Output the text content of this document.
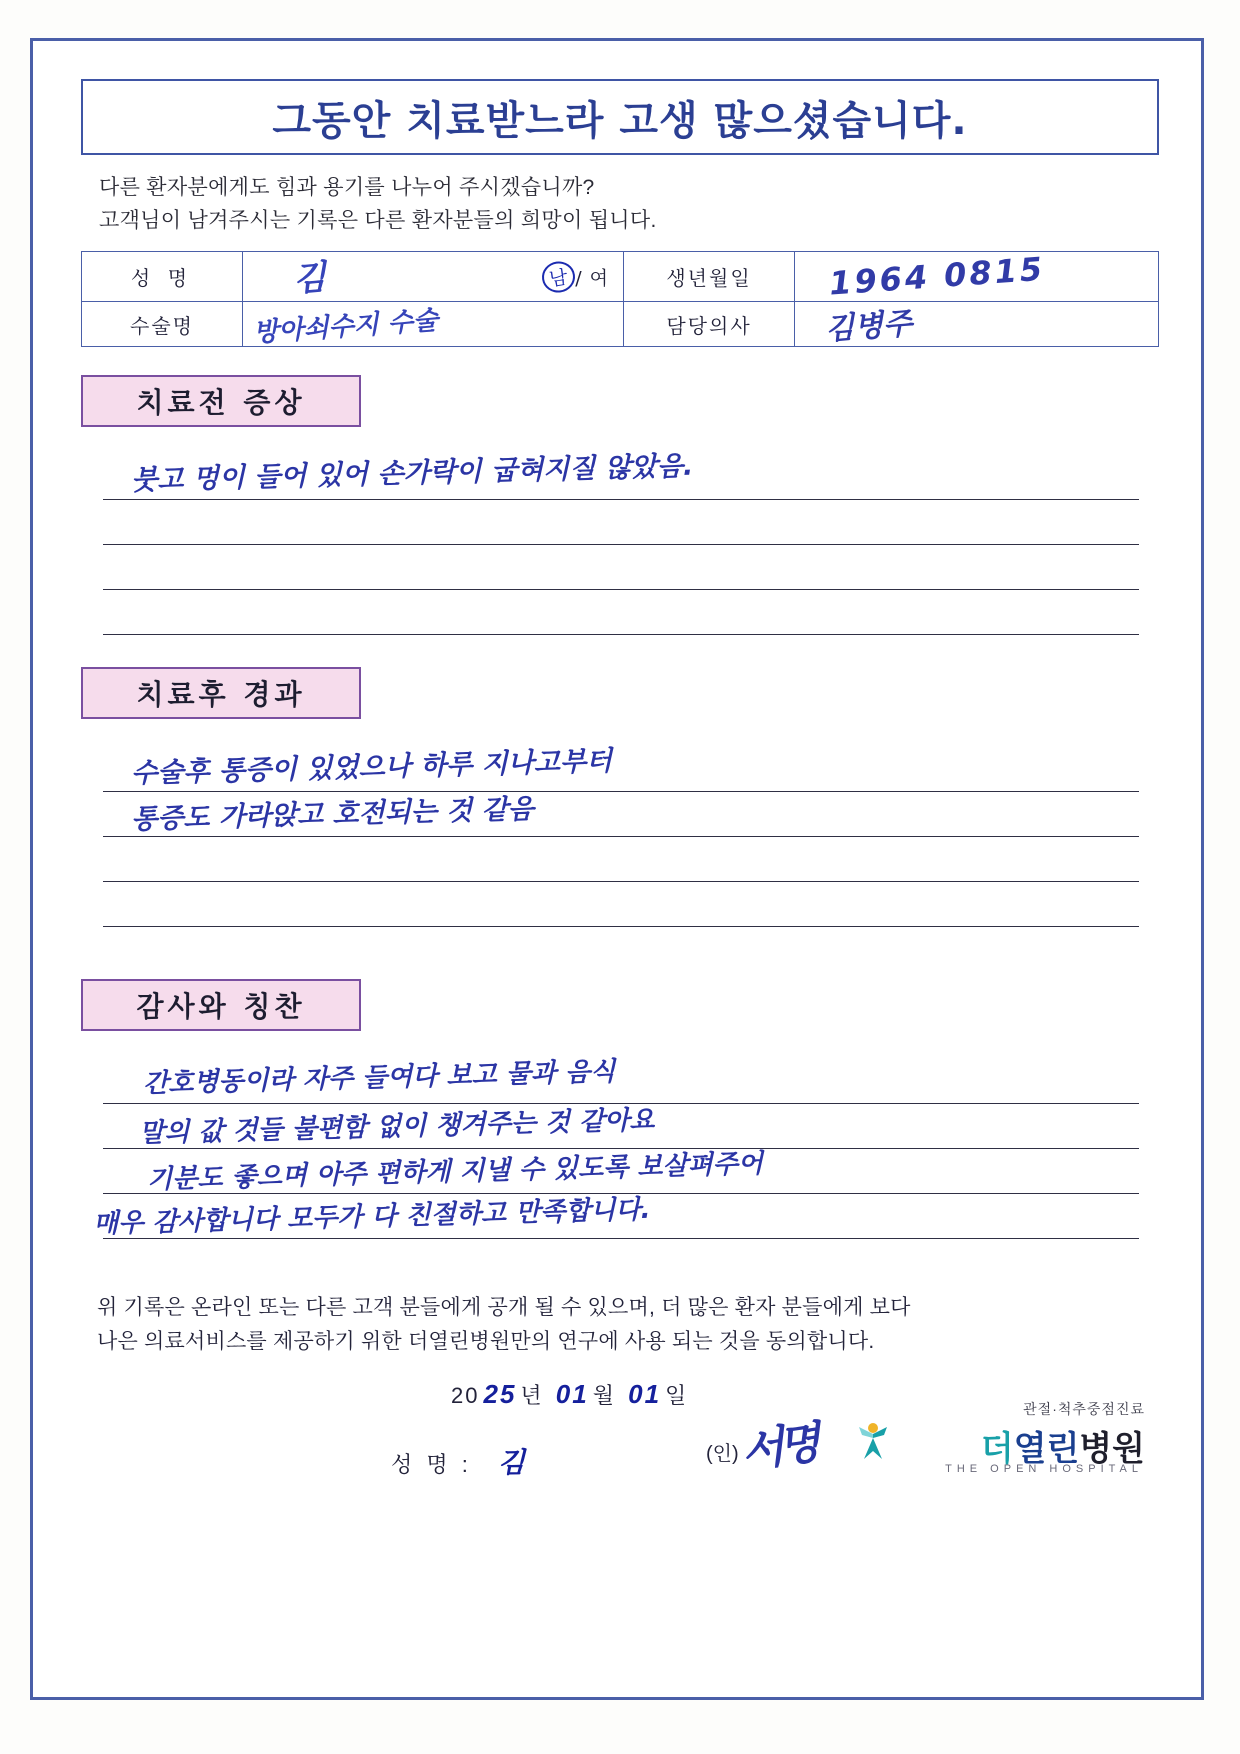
그동안 치료받느라 고생 많으셨습니다.
다른 환자분에게도 힘과 용기를 나누어 주시겠습니까?
고객님이 남겨주시는 기록은 다른 환자분들의 희망이 됩니다.
성 명	김 남 / 여	생년월일	1964 0815
수술명	방아쇠수지 수술	담당의사	김병주
치료전 증상
붓고 멍이 들어 있어 손가락이 굽혀지질 않았음.
치료후 경과
수술후 통증이 있었으나 하루 지나고부터
통증도 가라앉고 호전되는 것 같음
감사와 칭찬
간호병동이라 자주 들여다 보고 물과 음식
말의 값 것들 불편함 없이 챙겨주는 것 같아요
기분도 좋으며 아주 편하게 지낼 수 있도록 보살펴주어
매우 감사합니다 모두가 다 친절하고 만족합니다.
위 기록은 온라인 또는 다른 고객 분들에게 공개 될 수 있으며, 더 많은 환자 분들에게 보다
나은 의료서비스를 제공하기 위한 더열린병원만의 연구에 사용 되는 것을 동의합니다.
20 25 년 01 월 01 일
성 명 : 김	(인) 서명
관절·척추중점진료
더 열린 병원
THE OPEN HOSPITAL
